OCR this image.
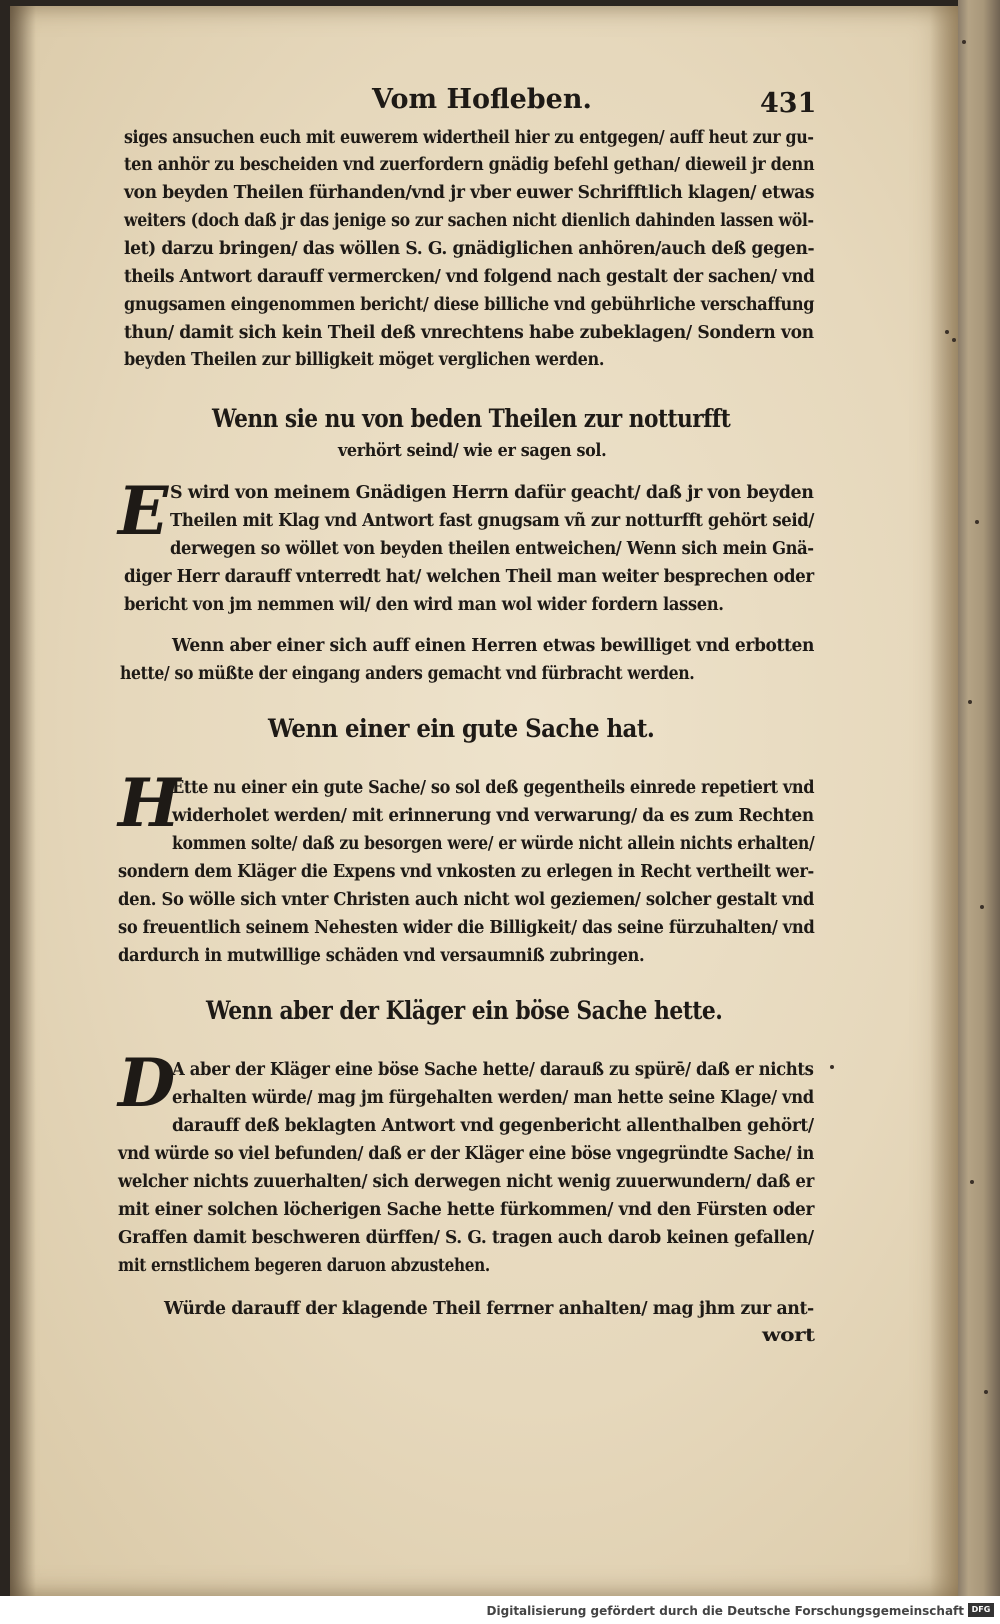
Vom Hofleben.	431
siges ansuchen euch mit euwerem widertheil hier zu entgegen/ auff heut zur gu-
ten anhör zu bescheiden vnd zuerfordern gnädig befehl gethan/ dieweil jr denn
von beyden Theilen fürhanden/vnd jr vber euwer Schrifftlich klagen/ etwas
weiters (doch daß jr das jenige so zur sachen nicht dienlich dahinden lassen wöl-
let) darzu bringen/ das wöllen S. G. gnädiglichen anhören/auch deß gegen-
theils Antwort darauff vermercken/ vnd folgend nach gestalt der sachen/ vnd
gnugsamen eingenommen bericht/ diese billiche vnd gebührliche verschaffung
thun/ damit sich kein Theil deß vnrechtens habe zubeklagen/ Sondern von
beyden Theilen zur billigkeit möget verglichen werden.
Wenn sie nu von beden Theilen zur notturfft
verhört seind/ wie er sagen sol.
E S wird von meinem Gnädigen Herrn dafür geacht/ daß jr von beyden
Theilen mit Klag vnd Antwort fast gnugsam vñ zur notturfft gehört seid/
derwegen so wöllet von beyden theilen entweichen/ Wenn sich mein Gnä-
diger Herr darauff vnterredt hat/ welchen Theil man weiter besprechen oder
bericht von jm nemmen wil/ den wird man wol wider fordern lassen.
Wenn aber einer sich auff einen Herren etwas bewilliget vnd erbotten
hette/ so müßte der eingang anders gemacht vnd fürbracht werden.
Wenn einer ein gute Sache hat.
H
Ette nu einer ein gute Sache/ so sol deß gegentheils einrede repetiert vnd
widerholet werden/ mit erinnerung vnd verwarung/ da es zum Rechten
kommen solte/ daß zu besorgen were/ er würde nicht allein nichts erhalten/
sondern dem Kläger die Expens vnd vnkosten zu erlegen in Recht vertheilt wer-
den. So wölle sich vnter Christen auch nicht wol geziemen/ solcher gestalt vnd
so freuentlich seinem Nehesten wider die Billigkeit/ das seine fürzuhalten/ vnd
dardurch in mutwillige schäden vnd versaumniß zubringen.
Wenn aber der Kläger ein böse Sache hette.
D
A aber der Kläger eine böse Sache hette/ darauß zu spürē/ daß er nichts
erhalten würde/ mag jm fürgehalten werden/ man hette seine Klage/ vnd
darauff deß beklagten Antwort vnd gegenbericht allenthalben gehört/
vnd würde so viel befunden/ daß er der Kläger eine böse vngegründte Sache/ in
welcher nichts zuuerhalten/ sich derwegen nicht wenig zuuerwundern/ daß er
mit einer solchen löcherigen Sache hette fürkommen/ vnd den Fürsten oder
Graffen damit beschweren dürffen/ S. G. tragen auch darob keinen gefallen/
mit ernstlichem begeren daruon abzustehen.
Würde darauff der klagende Theil ferrner anhalten/ mag jhm zur ant-
wort
Digitalisierung gefördert durch die Deutsche Forschungsgemeinschaft DFG
